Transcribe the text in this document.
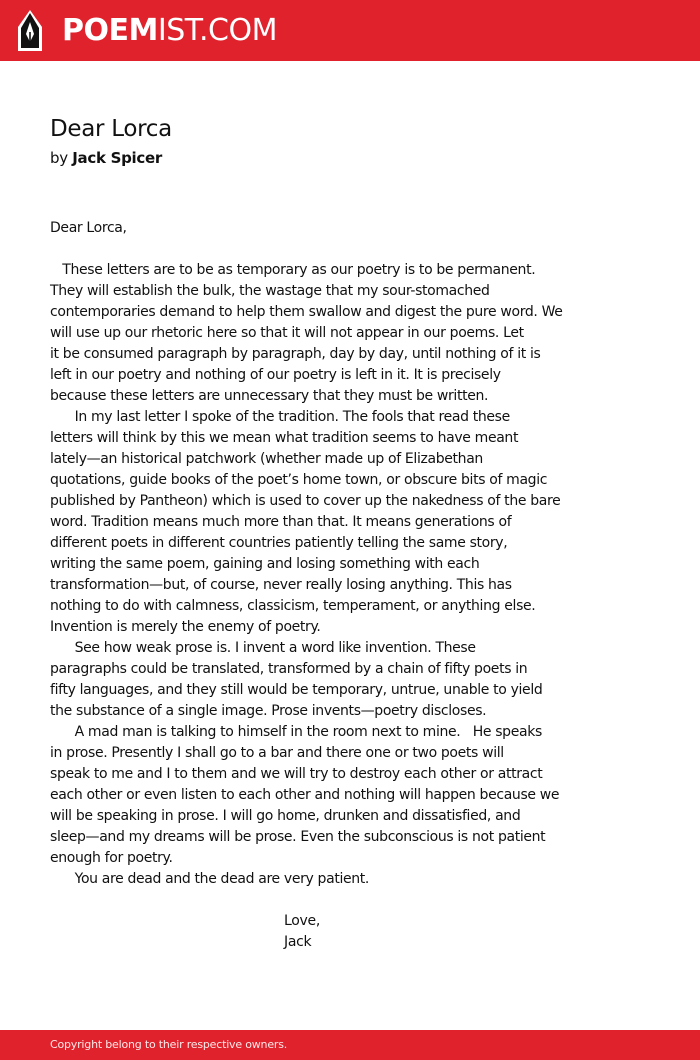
POEMIST.COM
Dear Lorca
by Jack Spicer
Dear Lorca,
These letters are to be as temporary as our poetry is to be permanent.
They will establish the bulk, the wastage that my sour-stomached
contemporaries demand to help them swallow and digest the pure word. We
will use up our rhetoric here so that it will not appear in our poems. Let
it be consumed paragraph by paragraph, day by day, until nothing of it is
left in our poetry and nothing of our poetry is left in it. It is precisely
because these letters are unnecessary that they must be written.
In my last letter I spoke of the tradition. The fools that read these
letters will think by this we mean what tradition seems to have meant
lately—an historical patchwork (whether made up of Elizabethan
quotations, guide books of the poet’s home town, or obscure bits of magic
published by Pantheon) which is used to cover up the nakedness of the bare
word. Tradition means much more than that. It means generations of
different poets in different countries patiently telling the same story,
writing the same poem, gaining and losing something with each
transformation—but, of course, never really losing anything. This has
nothing to do with calmness, classicism, temperament, or anything else.
Invention is merely the enemy of poetry.
See how weak prose is. I invent a word like invention. These
paragraphs could be translated, transformed by a chain of fifty poets in
fifty languages, and they still would be temporary, untrue, unable to yield
the substance of a single image. Prose invents—poetry discloses.
A mad man is talking to himself in the room next to mine.   He speaks
in prose. Presently I shall go to a bar and there one or two poets will
speak to me and I to them and we will try to destroy each other or attract
each other or even listen to each other and nothing will happen because we
will be speaking in prose. I will go home, drunken and dissatisfied, and
sleep—and my dreams will be prose. Even the subconscious is not patient
enough for poetry.
You are dead and the dead are very patient.
Love,
Jack
Copyright belong to their respective owners.
